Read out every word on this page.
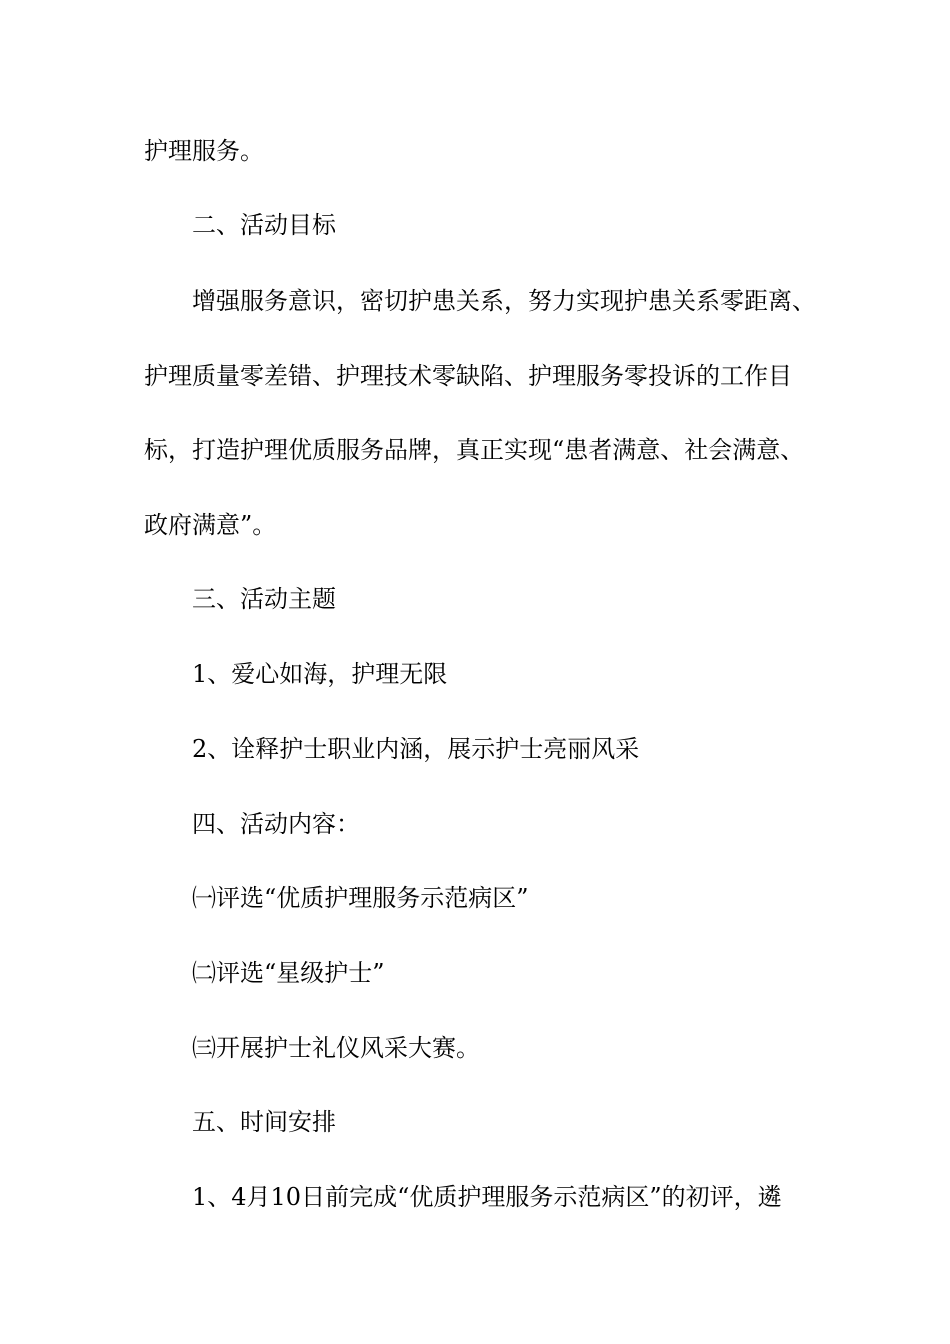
护理服务。

二、活动目标

增强服务意识，密切护患关系，努力实现护患关系零距离、

护理质量零差错、护理技术零缺陷、护理服务零投诉的工作目

标，打造护理优质服务品牌，真正实现“患者满意、社会满意、

政府满意”。

三、活动主题

1、爱心如海，护理无限

2、诠释护士职业内涵，展示护士亮丽风采

四、活动内容：

㈠评选“优质护理服务示范病区”

㈡评选“星级护士”

㈢开展护士礼仪风采大赛。

五、时间安排

1、4月10日前完成“优质护理服务示范病区”的初评，遴
